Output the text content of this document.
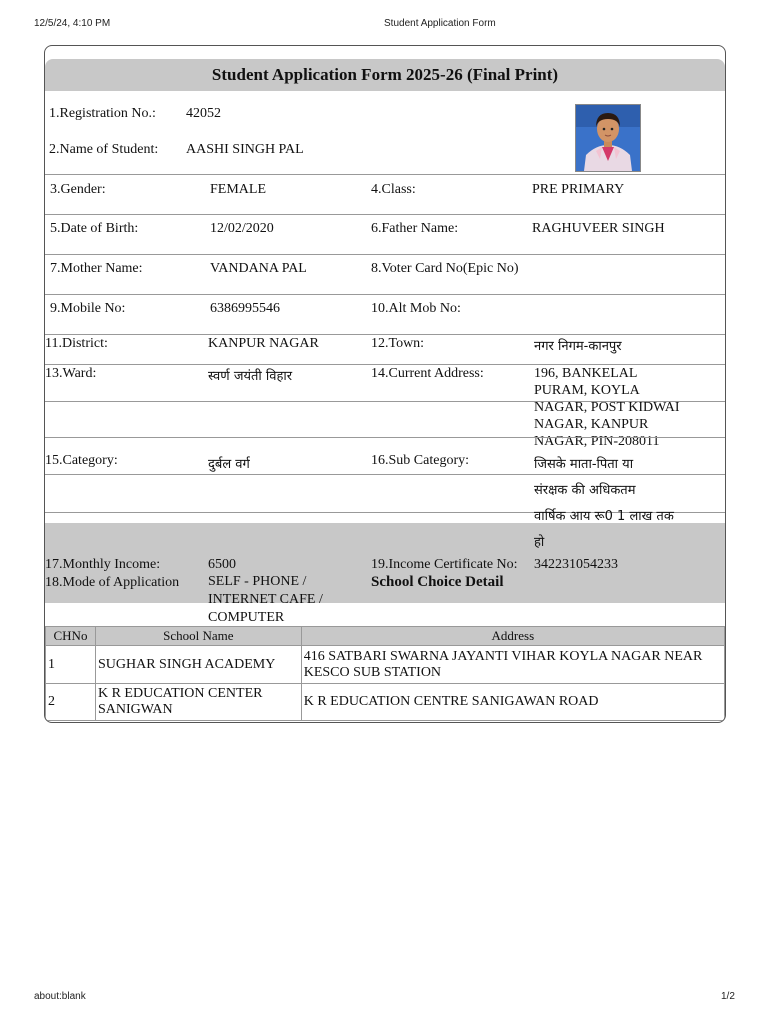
12/5/24, 4:10 PM	Student Application Form
Student Application Form 2025-26 (Final Print)
1.Registration No.: 42052
2.Name of Student: AASHI SINGH PAL
3.Gender:	FEMALE	4.Class:	PRE PRIMARY
5.Date of Birth:	12/02/2020	6.Father Name:	RAGHUVEER SINGH
7.Mother Name:	VANDANA PAL	8.Voter Card No(Epic No)
9.Mobile No:	6386995546	10.Alt Mob No:
11.District:	KANPUR NAGAR	12.Town:	नगर निगम-कानपुर
13.Ward:	स्वर्ण जयंती विहार	14.Current Address:	196, BANKELAL
PURAM, KOYLA
NAGAR, POST KIDWAI
NAGAR, KANPUR
NAGAR, PIN-208011
15.Category:	दुर्बल वर्ग	16.Sub Category:	जिसके माता-पिता या
संरक्षक की अधिकतम
वार्षिक आय रू0 1 लाख तक
हो
17.Monthly Income:	6500	19.Income Certificate No: 342231054233
18.Mode of Application SELF - PHONE /
INTERNET CAFE /
COMPUTER
School Choice Detail
CHNo	School Name	Address
1	SUGHAR SINGH ACADEMY	416 SATBARI SWARNA JAYANTI VIHAR KOYLA NAGAR NEAR KESCO SUB STATION
2	K R EDUCATION CENTER SANIGWAN	K R EDUCATION CENTRE SANIGAWAN ROAD
about:blank	1/2
